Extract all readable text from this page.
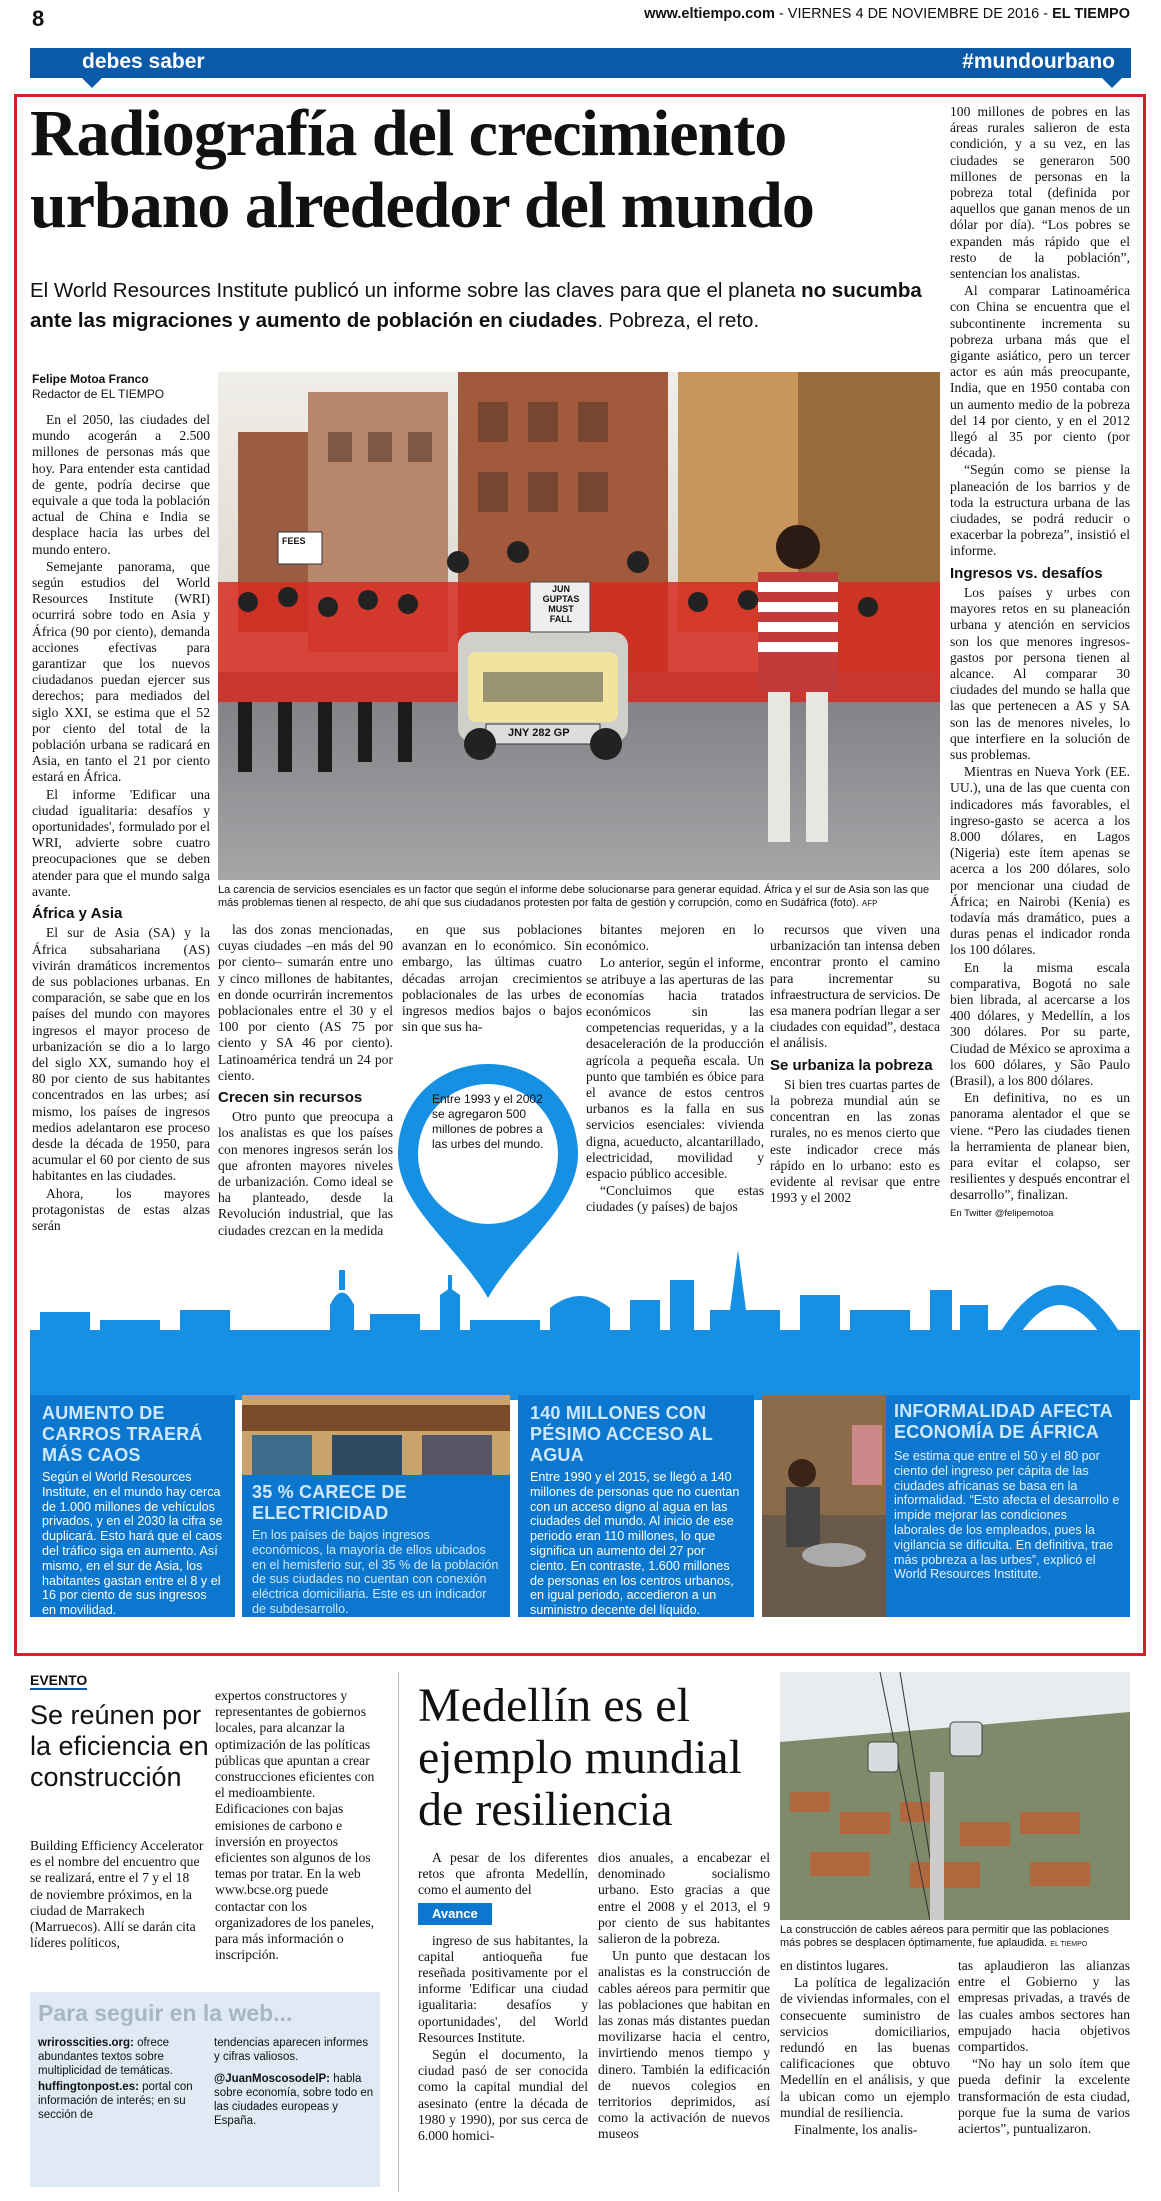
8	www.eltiempo.com - VIERNES 4 DE NOVIEMBRE DE 2016 - EL TIEMPO
debes saber	#mundourbano
Radiografía del crecimiento
urbano alrededor del mundo
El World Resources Institute publicó un informe sobre las claves para que el planeta no sucumba ante las migraciones y aumento de población en ciudades. Pobreza, el reto.
Felipe Motoa Franco
Redactor de EL TIEMPO

En el 2050, las ciudades del mundo acogerán a 2.500 millones de personas más que hoy. Para entender esta cantidad de gente, podría decirse que equivale a que toda la población actual de China e India se desplace hacia las urbes del mundo entero.

Semejante panorama, que según estudios del World Resources Institute (WRI) ocurrirá sobre todo en Asia y África (90 por ciento), demanda acciones efectivas para garantizar que los nuevos ciudadanos puedan ejercer sus derechos; para mediados del siglo XXI, se estima que el 52 por ciento del total de la población urbana se radicará en Asia, en tanto el 21 por ciento estará en África.

El informe 'Edificar una ciudad igualitaria: desafíos y oportunidades', formulado por el WRI, advierte sobre cuatro preocupaciones que se deben atender para que el mundo salga avante.

África y Asia

El sur de Asia (SA) y la África subsahariana (AS) vivirán dramáticos incrementos de sus poblaciones urbanas. En comparación, se sabe que en los países del mundo con mayores ingresos el mayor proceso de urbanización se dio a lo largo del siglo XX, sumando hoy el 80 por ciento de sus habitantes concentrados en las urbes; así mismo, los países de ingresos medios adelantaron ese proceso desde la década de 1950, para acumular el 60 por ciento de sus habitantes en las ciudades.

Ahora, los mayores protagonistas de estas alzas serán

FEES
JUN
GUPTAS
MUST
FALL
JNY 282 GP
La carencia de servicios esenciales es un factor que según el informe debe solucionarse para generar equidad. África y el sur de Asia son las que más problemas tienen al respecto, de ahí que sus ciudadanos protesten por falta de gestión y corrupción, como en Sudáfrica (foto). AFP

las dos zonas mencionadas, cuyas ciudades –en más del 90 por ciento– sumarán entre uno y cinco millones de habitantes, en donde ocurrirán incrementos poblacionales entre el 30 y el 100 por ciento (AS 75 por ciento y SA 46 por ciento). Latinoamérica tendrá un 24 por ciento.

Crecen sin recursos

Otro punto que preocupa a los analistas es que los países con menores ingresos serán los que afronten mayores niveles de urbanización. Como ideal se ha planteado, desde la Revolución industrial, que las ciudades crezcan en la medida

en que sus poblaciones avanzan en lo económico. Sin embargo, las últimas cuatro décadas arrojan crecimientos poblacionales de las urbes de ingresos medios bajos o bajos sin que sus ha-

bitantes mejoren en lo económico.

Lo anterior, según el informe, se atribuye a las aperturas de las economías hacia tratados económicos sin las competencias requeridas, y a la desaceleración de la producción agrícola a pequeña escala. Un punto que también es óbice para el avance de estos centros urbanos es la falla en sus servicios esenciales: vivienda digna, acueducto, alcantarillado, electricidad, movilidad y espacio público accesible.

“Concluimos que estas ciudades (y países) de bajos

recursos que viven una urbanización tan intensa deben encontrar pronto el camino para incrementar su infraestructura de servicios. De esa manera podrían llegar a ser ciudades con equidad”, destaca el análisis.

Se urbaniza la pobreza

Si bien tres cuartas partes de la pobreza mundial aún se concentran en las zonas rurales, no es menos cierto que este indicador crece más rápido en lo urbano: esto es evidente al revisar que entre 1993 y el 2002

100 millones de pobres en las áreas rurales salieron de esta condición, y a su vez, en las ciudades se generaron 500 millones de personas en la pobreza total (definida por aquellos que ganan menos de un dólar por día). “Los pobres se expanden más rápido que el resto de la población”, sentencian los analistas.

Al comparar Latinoamérica con China se encuentra que el subcontinente incrementa su pobreza urbana más que el gigante asiático, pero un tercer actor es aún más preocupante, India, que en 1950 contaba con un aumento medio de la pobreza del 14 por ciento, y en el 2012 llegó al 35 por ciento (por década).

“Según como se piense la planeación de los barrios y de toda la estructura urbana de las ciudades, se podrá reducir o exacerbar la pobreza”, insistió el informe.

Ingresos vs. desafíos

Los países y urbes con mayores retos en su planeación urbana y atención en servicios son los que menores ingresos-gastos por persona tienen al alcance. Al comparar 30 ciudades del mundo se halla que las que pertenecen a AS y SA son las de menores niveles, lo que interfiere en la solución de sus problemas.

Mientras en Nueva York (EE. UU.), una de las que cuenta con indicadores más favorables, el ingreso-gasto se acerca a los 8.000 dólares, en Lagos (Nigeria) este ítem apenas se acerca a los 200 dólares, solo por mencionar una ciudad de África; en Nairobi (Kenia) es todavía más dramático, pues a duras penas el indicador ronda los 100 dólares.

En la misma escala comparativa, Bogotá no sale bien librada, al acercarse a los 400 dólares, y Medellín, a los 300 dólares. Por su parte, Ciudad de México se aproxima a los 600 dólares, y São Paulo (Brasil), a los 800 dólares.

En definitiva, no es un panorama alentador el que se viene. “Pero las ciudades tienen la herramienta de planear bien, para evitar el colapso, ser resilientes y después encontrar el desarrollo”, finalizan.

En Twitter @felipemotoa
Entre 1993 y el 2002 se agregaron 500 millones de pobres a las urbes del mundo.
AUMENTO DE CARROS TRAERÁ MÁS CAOS

Según el World Resources Institute, en el mundo hay cerca de 1.000 millones de vehículos privados, y en el 2030 la cifra se duplicará. Esto hará que el caos del tráfico siga en aumento. Así mismo, en el sur de Asia, los habitantes gastan entre el 8 y el 16 por ciento de sus ingresos en movilidad.

35 % CARECE DE ELECTRICIDAD

En los países de bajos ingresos económicos, la mayoría de ellos ubicados en el hemisferio sur, el 35 % de la población de sus ciudades no cuentan con conexión eléctrica domiciliaria. Este es un indicador de subdesarrollo.

140 MILLONES CON PÉSIMO ACCESO AL AGUA

Entre 1990 y el 2015, se llegó a 140 millones de personas que no cuentan con un acceso digno al agua en las ciudades del mundo. Al inicio de ese periodo eran 110 millones, lo que significa un aumento del 27 por ciento. En contraste, 1.600 millones de personas en los centros urbanos, en igual periodo, accedieron a un suministro decente del líquido.

INFORMALIDAD AFECTA ECONOMÍA DE ÁFRICA

Se estima que entre el 50 y el 80 por ciento del ingreso per cápita de las ciudades africanas se basa en la informalidad. “Esto afecta el desarrollo e impide mejorar las condiciones laborales de los empleados, pues la vigilancia se dificulta. En definitiva, trae más pobreza a las urbes”, explicó el World Resources Institute.

EVENTO
Se reúnen por la eficiencia en construcción
Building Efficiency Accelerator es el nombre del encuentro que se realizará, entre el 7 y el 18 de noviembre próximos, en la ciudad de Marrakech (Marruecos). Allí se darán cita líderes políticos,
expertos constructores y representantes de gobiernos locales, para alcanzar la optimización de las políticas públicas que apuntan a crear construcciones eficientes con el medioambiente. Edificaciones con bajas emisiones de carbono e inversión en proyectos eficientes son algunos de los temas por tratar. En la web www.bcse.org puede contactar con los organizadores de los paneles, para más información o inscripción.
Para seguir en la web...
wrirosscities.org: ofrece abundantes textos sobre multiplicidad de temáticas.
huffingtonpost.es: portal con información de interés; en su sección de
tendencias aparecen informes y cifras valiosos.
@JuanMoscosodelP: habla sobre economía, sobre todo en las ciudades europeas y España.
Medellín es el ejemplo mundial de resiliencia

A pesar de los diferentes retos que afronta Medellín, como el aumento del

Avance

ingreso de sus habitantes, la capital antioqueña fue reseñada positivamente por el informe 'Edificar una ciudad igualitaria: desafíos y oportunidades', del World Resources Institute.

Según el documento, la ciudad pasó de ser conocida como la capital mundial del asesinato (entre la década de 1980 y 1990), por sus cerca de 6.000 homici-

dios anuales, a encabezar el denominado socialismo urbano. Esto gracias a que entre el 2008 y el 2013, el 9 por ciento de sus habitantes salieron de la pobreza.

Un punto que destacan los analistas es la construcción de cables aéreos para permitir que las poblaciones que habitan en las zonas más distantes puedan movilizarse hacia el centro, invirtiendo menos tiempo y dinero. También la edificación de nuevos colegios en territorios deprimidos, así como la activación de nuevos museos

La construcción de cables aéreos para permitir que las poblaciones más pobres se desplacen óptimamente, fue aplaudida. EL TIEMPO

en distintos lugares.

La política de legalización de viviendas informales, con el consecuente suministro de servicios domiciliarios, redundó en las buenas calificaciones que obtuvo Medellín en el análisis, y que la ubican como un ejemplo mundial de resiliencia.

Finalmente, los analis-

tas aplaudieron las alianzas entre el Gobierno y las empresas privadas, a través de las cuales ambos sectores han empujado hacia objetivos compartidos.

“No hay un solo ítem que pueda definir la excelente transformación de esta ciudad, porque fue la suma de varios aciertos”, puntualizaron.
